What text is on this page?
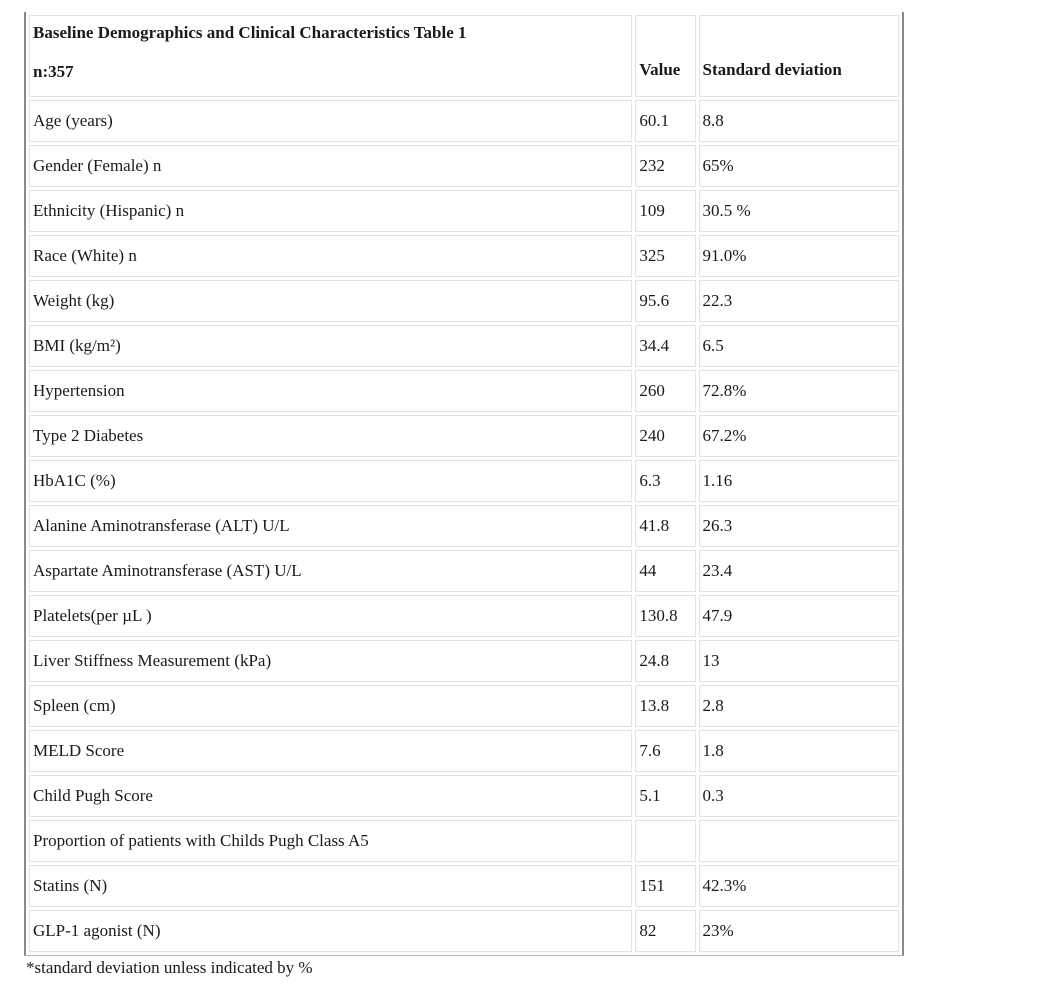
Baseline Demographics and Clinical Characteristics Table 1
n:357	Value	Standard deviation
Age (years)	60.1	8.8
Gender (Female) n	232	65%
Ethnicity (Hispanic) n	109	30.5 %
Race (White) n	325	91.0%
Weight (kg)	95.6	22.3
BMI (kg/m²)	34.4	6.5
Hypertension	260	72.8%
Type 2 Diabetes	240	67.2%
HbA1C (%)	6.3	1.16
Alanine Aminotransferase (ALT) U/L	41.8	26.3
Aspartate Aminotransferase (AST) U/L	44	23.4
Platelets(per µL )	130.8	47.9
Liver Stiffness Measurement (kPa)	24.8	13
Spleen (cm)	13.8	2.8
MELD Score	7.6	1.8
Child Pugh Score	5.1	0.3
Proportion of patients with Childs Pugh Class A5		
Statins (N)	151	42.3%
GLP-1 agonist (N)	82	23%
*standard deviation unless indicated by %
